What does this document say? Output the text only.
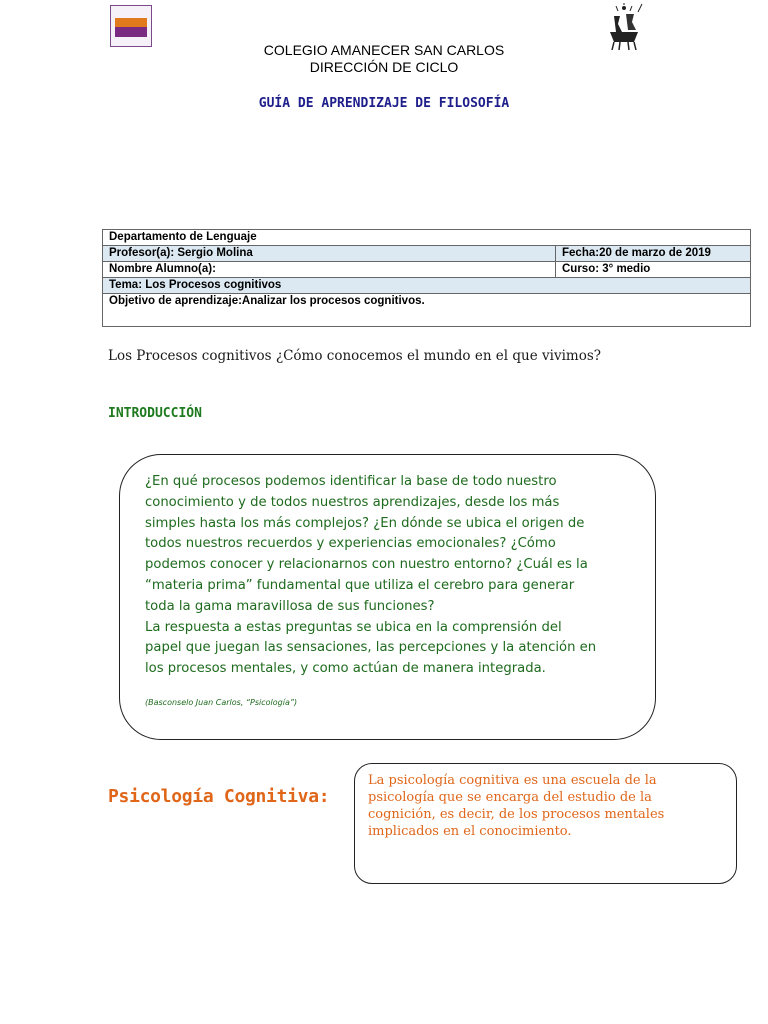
COLEGIO AMANECER SAN CARLOS
DIRECCIÓN DE CICLO
GUÍA DE APRENDIZAJE DE FILOSOFÍA
Departamento de Lenguaje	
Profesor(a): Sergio Molina	Fecha:20 de marzo de 2019
Nombre Alumno(a):	Curso: 3° medio
Tema: Los Procesos cognitivos	
Objetivo de aprendizaje:Analizar los procesos cognitivos.	
Los Procesos cognitivos ¿Cómo conocemos el mundo en el que vivimos?
INTRODUCCIÓN
¿En qué procesos podemos identificar la base de todo nuestro
conocimiento y de todos nuestros aprendizajes, desde los más
simples hasta los más complejos? ¿En dónde se ubica el origen de
todos nuestros recuerdos y experiencias emocionales? ¿Cómo
podemos conocer y relacionarnos con nuestro entorno? ¿Cuál es la
“materia prima” fundamental que utiliza el cerebro para generar
toda la gama maravillosa de sus funciones?
La respuesta a estas preguntas se ubica en la comprensión del
papel que juegan las sensaciones, las percepciones y la atención en
los procesos mentales, y como actúan de manera integrada.
(Basconselo Juan Carlos, “Psicología”)
Psicología Cognitiva:
La psicología cognitiva es una escuela de la psicología que se encarga del estudio de la cognición, es decir, de los procesos mentales implicados en el conocimiento.
